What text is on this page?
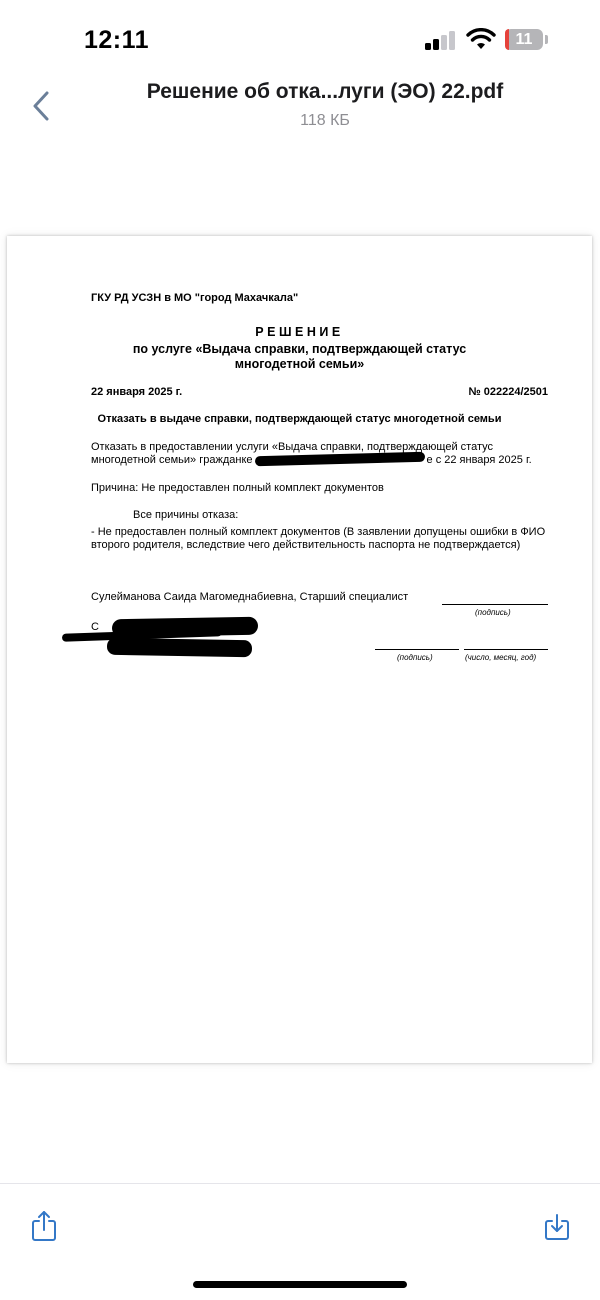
12:11	11
Решение об отка...луги (ЭО) 22.pdf
118 КБ
ГКУ РД УСЗН в МО "город Махачкала"
РЕШЕНИЕ
по услуге «Выдача справки, подтверждающей статус многодетной семьи»
22 января 2025 г.	№ 022224/2501
Отказать в выдаче справки, подтверждающей статус многодетной семьи
Отказать в предоставлении услуги «Выдача справки, подтверждающей статус многодетной семьи» гражданке	е с 22 января 2025 г.
Причина: Не предоставлен полный комплект документов
Все причины отказа:
- Не предоставлен полный комплект документов (В заявлении допущены ошибки в ФИО второго родителя, вследствие чего действительность паспорта не подтверждается)
Сулейманова Саида Магомеднабиевна, Старший специалист
(подпись)
С
(подпись)	(число, месяц, год)
